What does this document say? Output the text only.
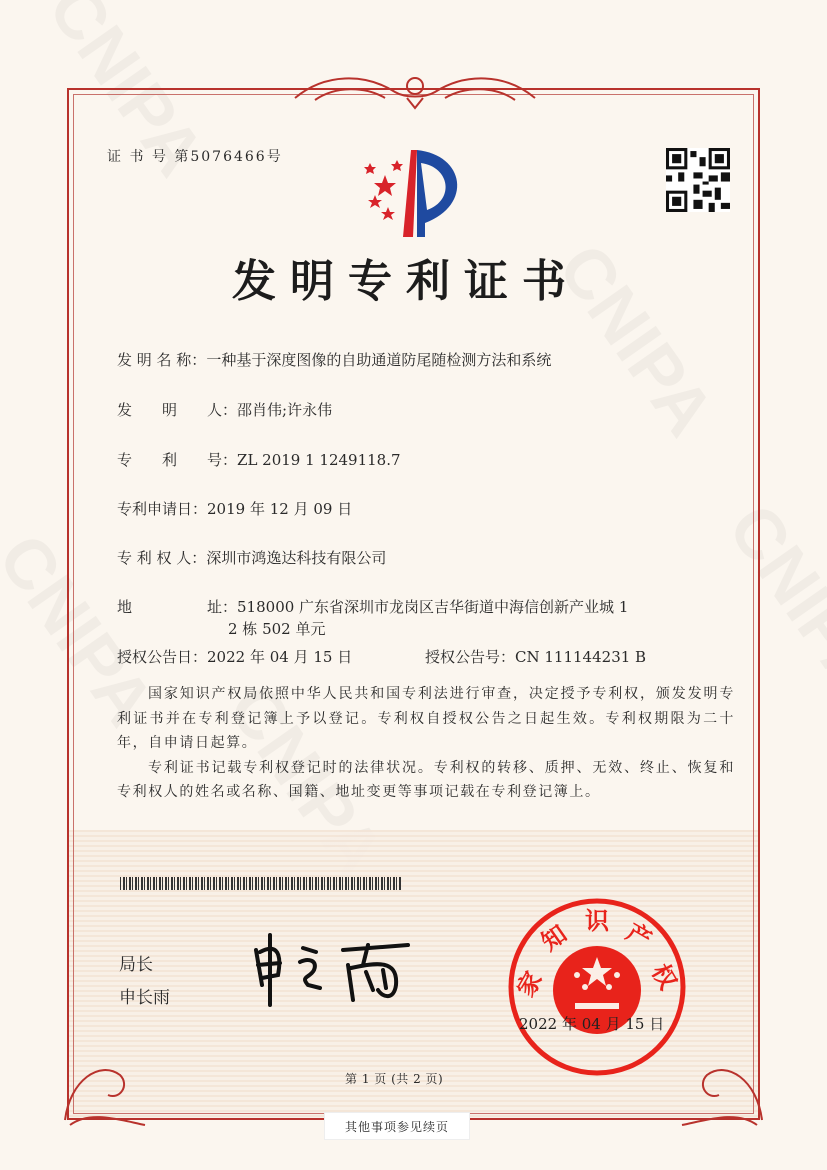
证 书 号 第5076466号
发明专利证书
发 明 名 称：一种基于深度图像的自助通道防尾随检测方法和系统
发　　明　　人：邵肖伟;许永伟
专　　利　　号：ZL 2019 1 1249118.7
专利申请日：2019 年 12 月 09 日
专 利 权 人：深圳市鸿逸达科技有限公司
地　　　　　址：518000 广东省深圳市龙岗区吉华街道中海信创新产业城 1
2 栋 502 单元
授权公告日：2022 年 04 月 15 日	授权公告号：CN 111144231 B

国家知识产权局依照中华人民共和国专利法进行审查，决定授予专利权，颁发发明专利证书并在专利登记簿上予以登记。专利权自授权公告之日起生效。专利权期限为二十年，自申请日起算。

专利证书记载专利权登记时的法律状况。专利权的转移、质押、无效、终止、恢复和专利权人的姓名或名称、国籍、地址变更等事项记载在专利登记簿上。

局长
申长雨	家
知 识 产
权
2022 年 04 月 15 日
第 1 页 (共 2 页)
其他事项参见续页
